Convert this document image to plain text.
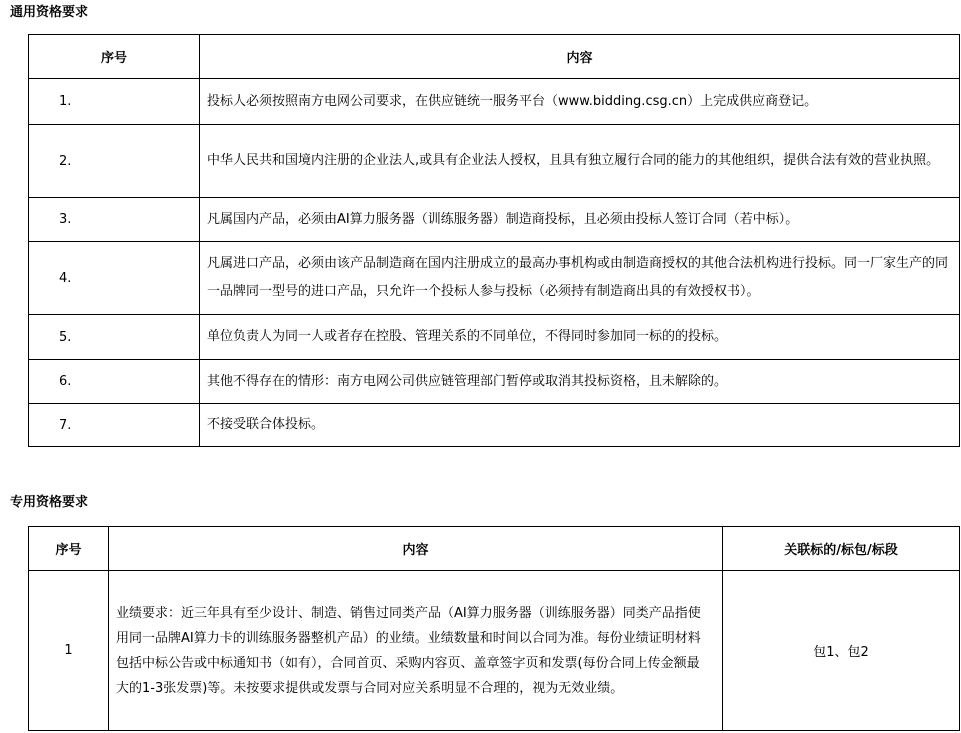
通用资格要求
序号	内容
1.	投标人必须按照南方电网公司要求，在供应链统一服务平台（www.bidding.csg.cn）上完成供应商登记。
2.	中华人民共和国境内注册的企业法人,或具有企业法人授权，且具有独立履行合同的能力的其他组织，提供合法有效的营业执照。
3.	凡属国内产品，必须由AI算力服务器（训练服务器）制造商投标，且必须由投标人签订合同（若中标）。
4.	凡属进口产品，必须由该产品制造商在国内注册成立的最高办事机构或由制造商授权的其他合法机构进行投标。同一厂家生产的同一品牌同一型号的进口产品，只允许一个投标人参与投标（必须持有制造商出具的有效授权书）。
5.	单位负责人为同一人或者存在控股、管理关系的不同单位，不得同时参加同一标的的投标。
6.	其他不得存在的情形：南方电网公司供应链管理部门暂停或取消其投标资格，且未解除的。
7.	不接受联合体投标。
专用资格要求
序号	内容	关联标的/标包/标段
1	业绩要求：近三年具有至少设计、制造、销售过同类产品（AI算力服务器（训练服务器）同类产品指使用同一品牌AI算力卡的训练服务器整机产品）的业绩。业绩数量和时间以合同为准。每份业绩证明材料包括中标公告或中标通知书（如有），合同首页、采购内容页、盖章签字页和发票(每份合同上传金额最大的1-3张发票)等。未按要求提供或发票与合同对应关系明显不合理的，视为无效业绩。	包1、包2
